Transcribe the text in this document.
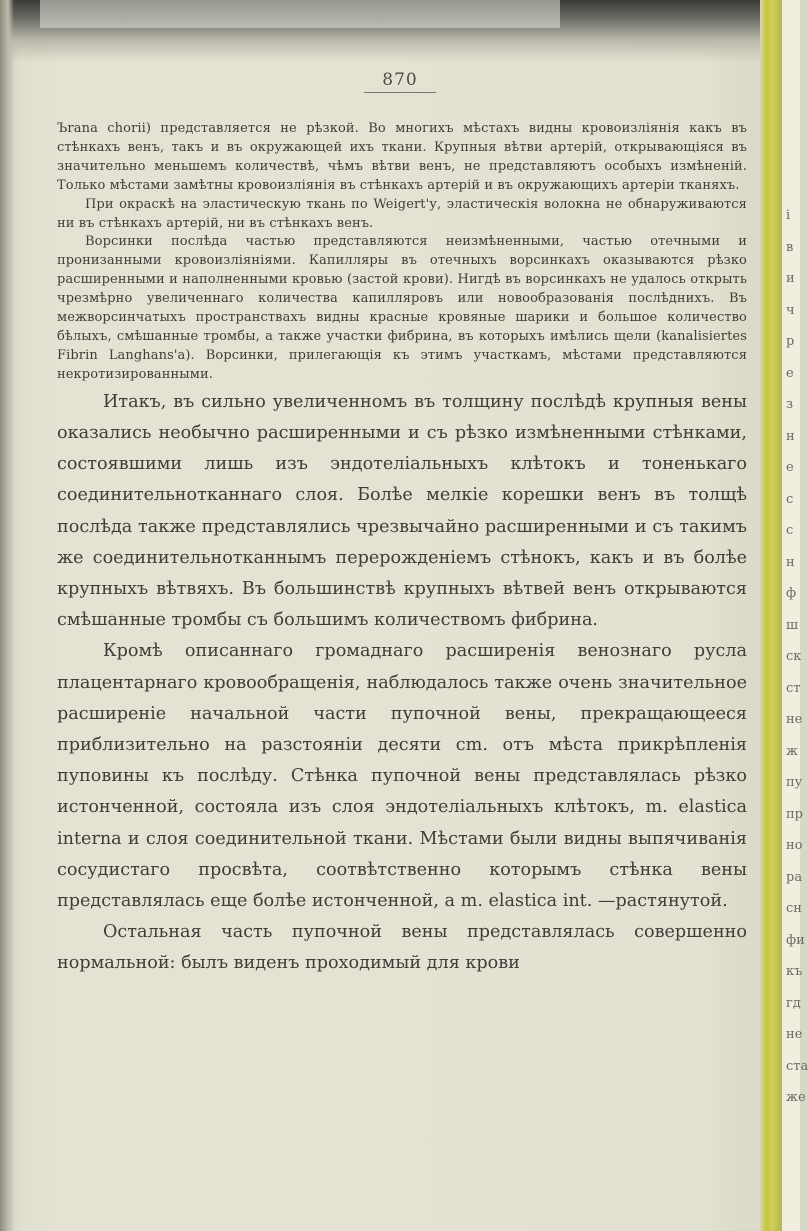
і
в
и
ч
р
е
з
н
е
с
с
н
ф
ш
ск
ст
не
ж
пу
пр
но
ра
сн
фи
къ
гд
не
ста
же
870

Ъrana chorii) представляется не рѣзкой. Во многихъ мѣстахъ видны кровоизліянія какъ въ стѣнкахъ венъ, такъ и въ окружающей ихъ ткани. Крупныя вѣтви артерій, открывающіяся въ значительно меньшемъ количествѣ, чѣмъ вѣтви венъ, не представляютъ особыхъ измѣненій. Только мѣстами замѣтны кровоизліянія въ стѣнкахъ артерій и въ окружающихъ артеріи тканяхъ.

При окраскѣ на эластическую ткань по Weigert'у, эластическія волокна не обнаруживаются ни въ стѣнкахъ артерій, ни въ стѣнкахъ венъ.

Ворсинки послѣда частью представляются неизмѣненными, частью отечными и пронизанными кровоизліяніями. Капилляры въ отечныхъ ворсинкахъ оказываются рѣзко расширенными и наполненными кровью (застой крови). Нигдѣ въ ворсинкахъ не удалось открыть чрезмѣрно увеличеннаго количества капилляровъ или новообразованія послѣднихъ. Въ межворсинчатыхъ пространствахъ видны красные кровяные шарики и большое количество бѣлыхъ, смѣшанные тромбы, а также участки фибрина, въ которыхъ имѣлись щели (kanalisiertes Fibrin Langhans'a). Ворсинки, прилегающія къ этимъ участкамъ, мѣстами представляются некротизированными.

Итакъ, въ сильно увеличенномъ въ толщину послѣдѣ крупныя вены оказались необычно расширенными и съ рѣзко измѣненными стѣнками, состоявшими лишь изъ эндотеліальныхъ клѣтокъ и тоненькаго соединительнотканнаго слоя. Болѣе мелкіе корешки венъ въ толщѣ послѣда также представлялись чрезвычайно расширенными и съ такимъ же соединительнотканнымъ перерожденіемъ стѣнокъ, какъ и въ болѣе крупныхъ вѣтвяхъ. Въ большинствѣ крупныхъ вѣтвей венъ открываются смѣшанные тромбы съ большимъ количествомъ фибрина.

Кромѣ описаннаго громаднаго расширенія венознаго русла плацентарнаго кровообращенія, наблюдалось также очень значительное расширеніе начальной части пупочной вены, прекращающееся приблизительно на разстояніи десяти cm. отъ мѣста прикрѣпленія пуповины къ послѣду. Стѣнка пупочной вены представлялась рѣзко истонченной, состояла изъ слоя эндотеліальныхъ клѣтокъ, m. elastica interna и слоя соединительной ткани. Мѣстами были видны выпячиванія сосудистаго просвѣта, соотвѣтственно которымъ стѣнка вены представлялась еще болѣе истонченной, а m. elastica int. —растянутой.

Остальная часть пупочной вены представлялась совершенно нормальной: былъ виденъ проходимый для крови
